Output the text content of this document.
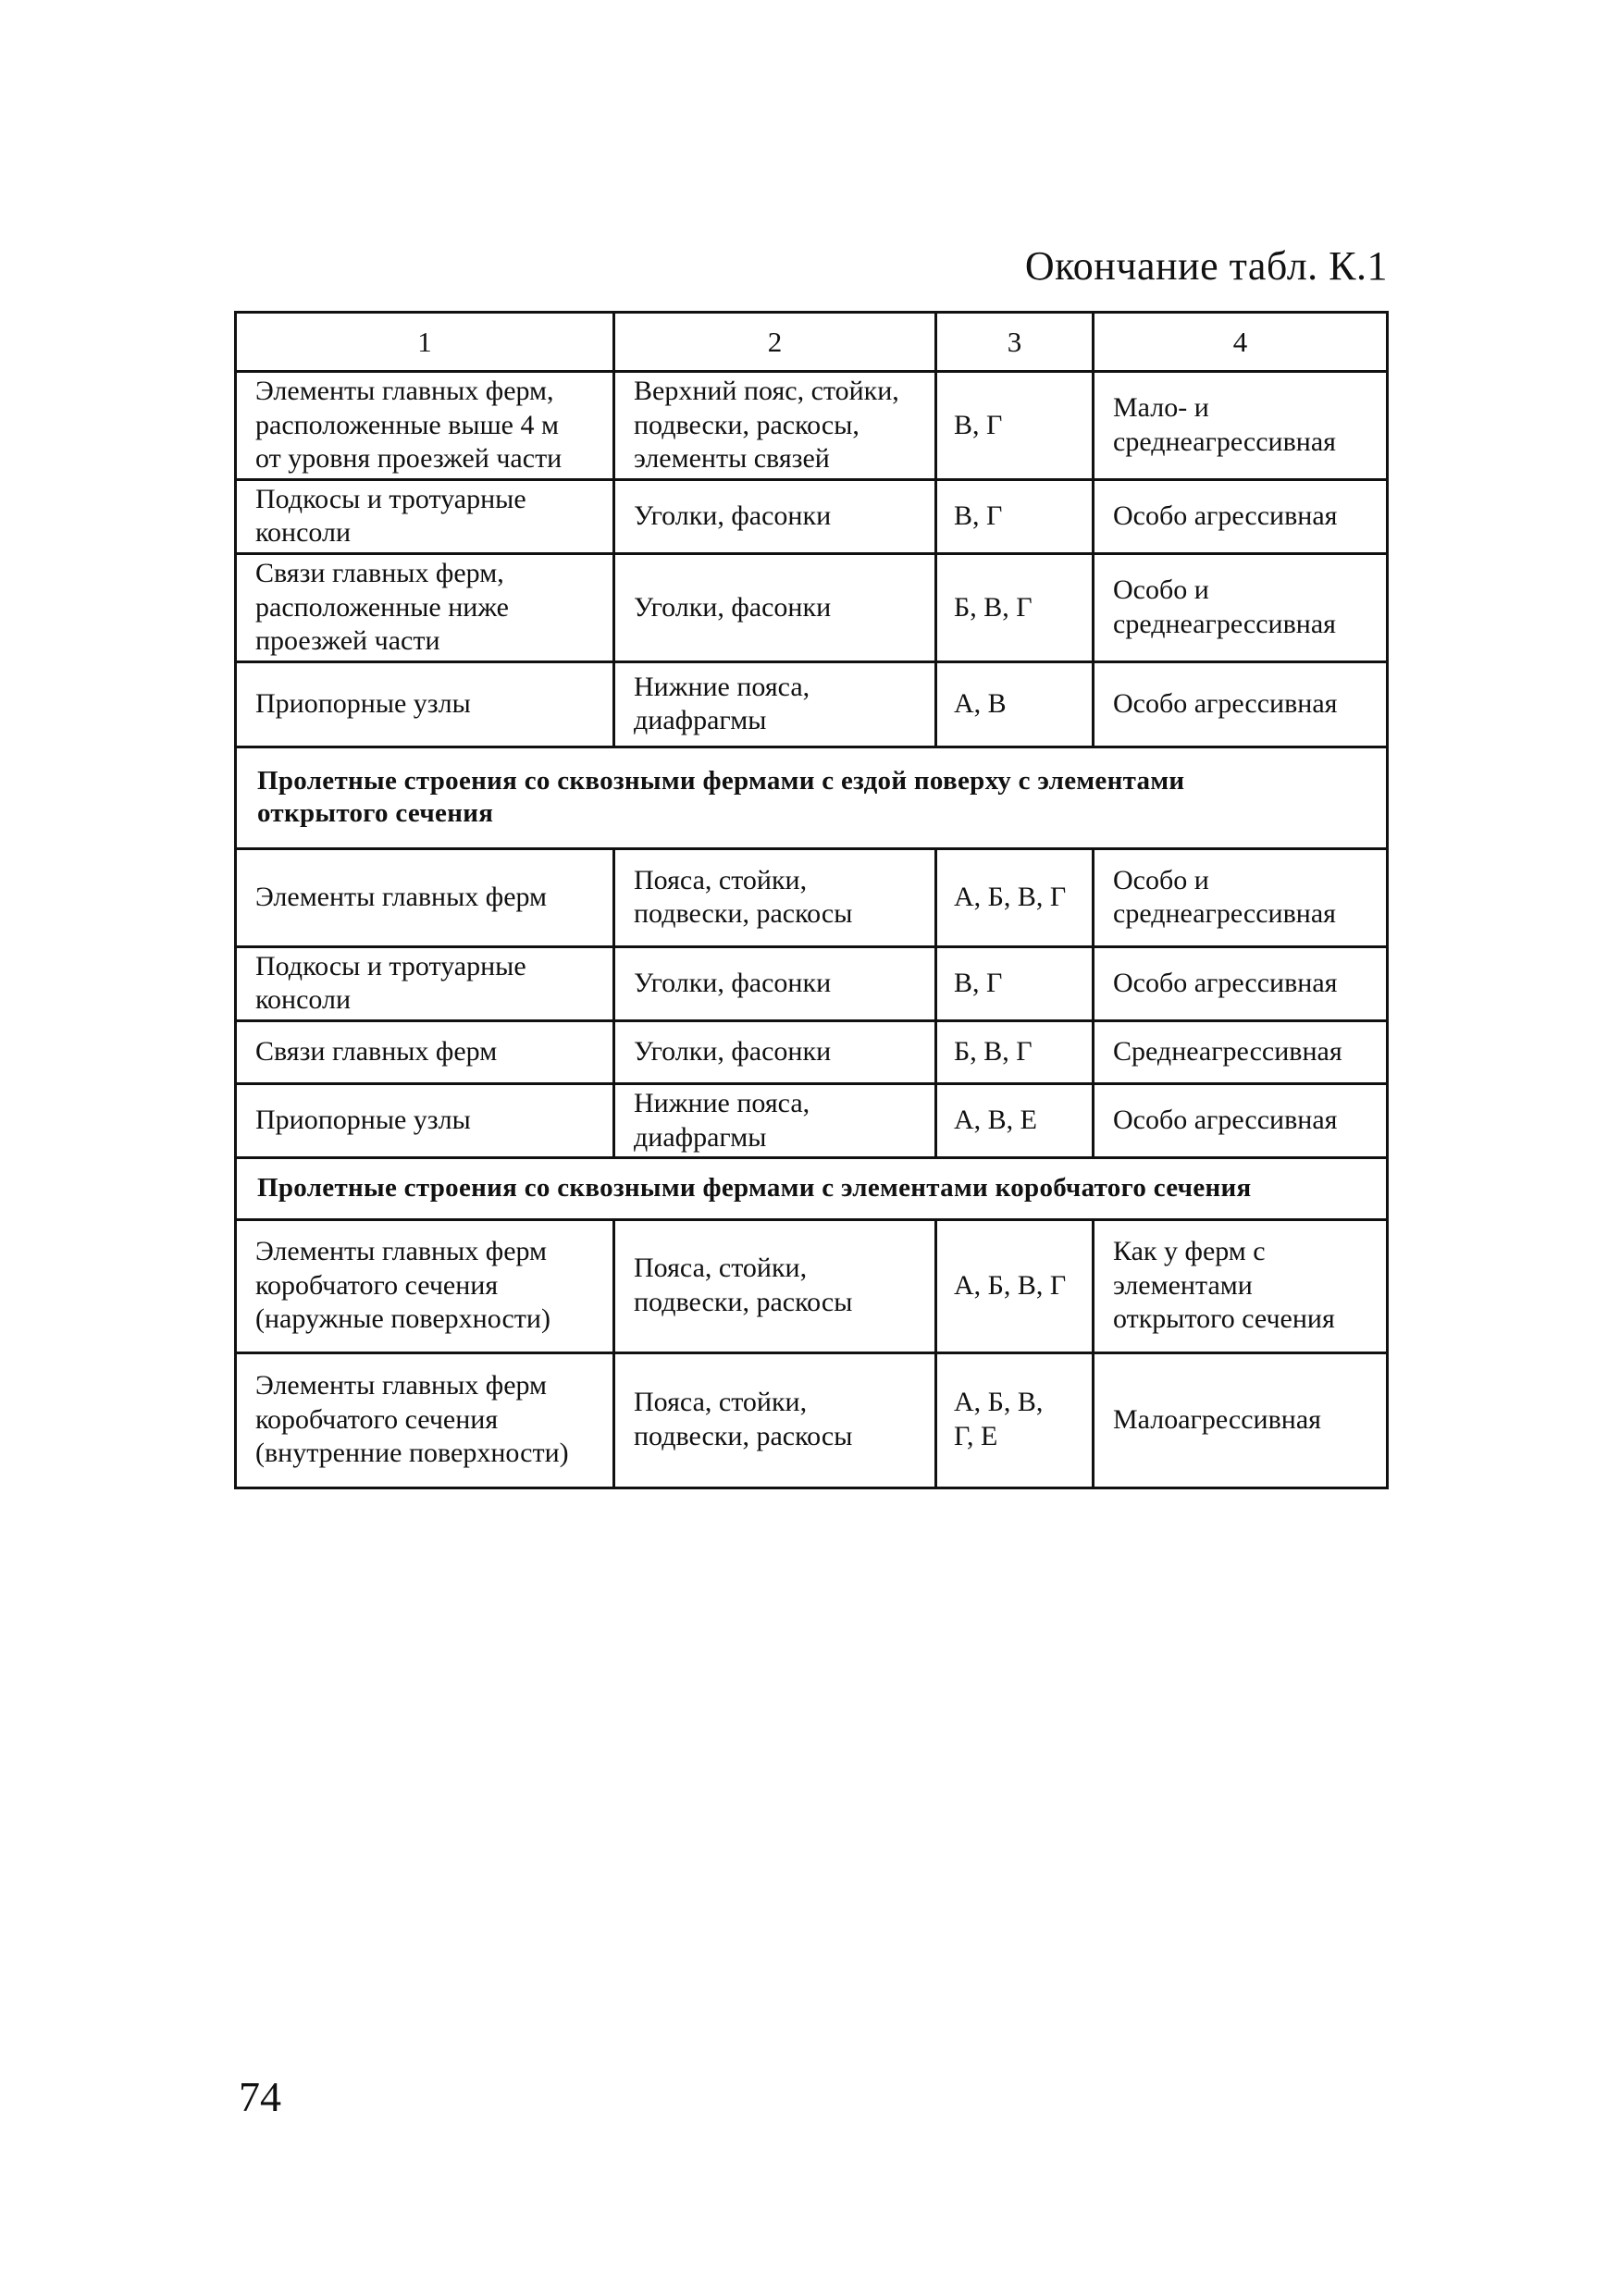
Окончание табл. К.1
1	2	3	4
Элементы главных ферм,
расположенные выше 4 м
от уровня проезжей части	Верхний пояс, стойки,
подвески, раскосы,
элементы связей	В, Г	Мало- и
среднеагрессивная
Подкосы и тротуарные
консоли	Уголки, фасонки	В, Г	Особо агрессивная
Связи главных ферм,
расположенные ниже
проезжей части	Уголки, фасонки	Б, В, Г	Особо и
среднеагрессивная
Приопорные узлы	Нижние пояса,
диафрагмы	А, В	Особо агрессивная
Пролетные строения со сквозными фермами с ездой поверху с элементами
открытого сечения			
Элементы главных ферм	Пояса, стойки,
подвески, раскосы	А, Б, В, Г	Особо и
среднеагрессивная
Подкосы и тротуарные
консоли	Уголки, фасонки	В, Г	Особо агрессивная
Связи главных ферм	Уголки, фасонки	Б, В, Г	Среднеагрессивная
Приопорные узлы	Нижние пояса,
диафрагмы	А, В, Е	Особо агрессивная
Пролетные строения со сквозными фермами с элементами коробчатого сечения			
Элементы главных ферм
коробчатого сечения
(наружные поверхности)	Пояса, стойки,
подвески, раскосы	А, Б, В, Г	Как у ферм с
элементами
открытого сечения
Элементы главных ферм
коробчатого сечения
(внутренние поверхности)	Пояса, стойки,
подвески, раскосы	А, Б, В,
Г, Е	Малоагрессивная
74
